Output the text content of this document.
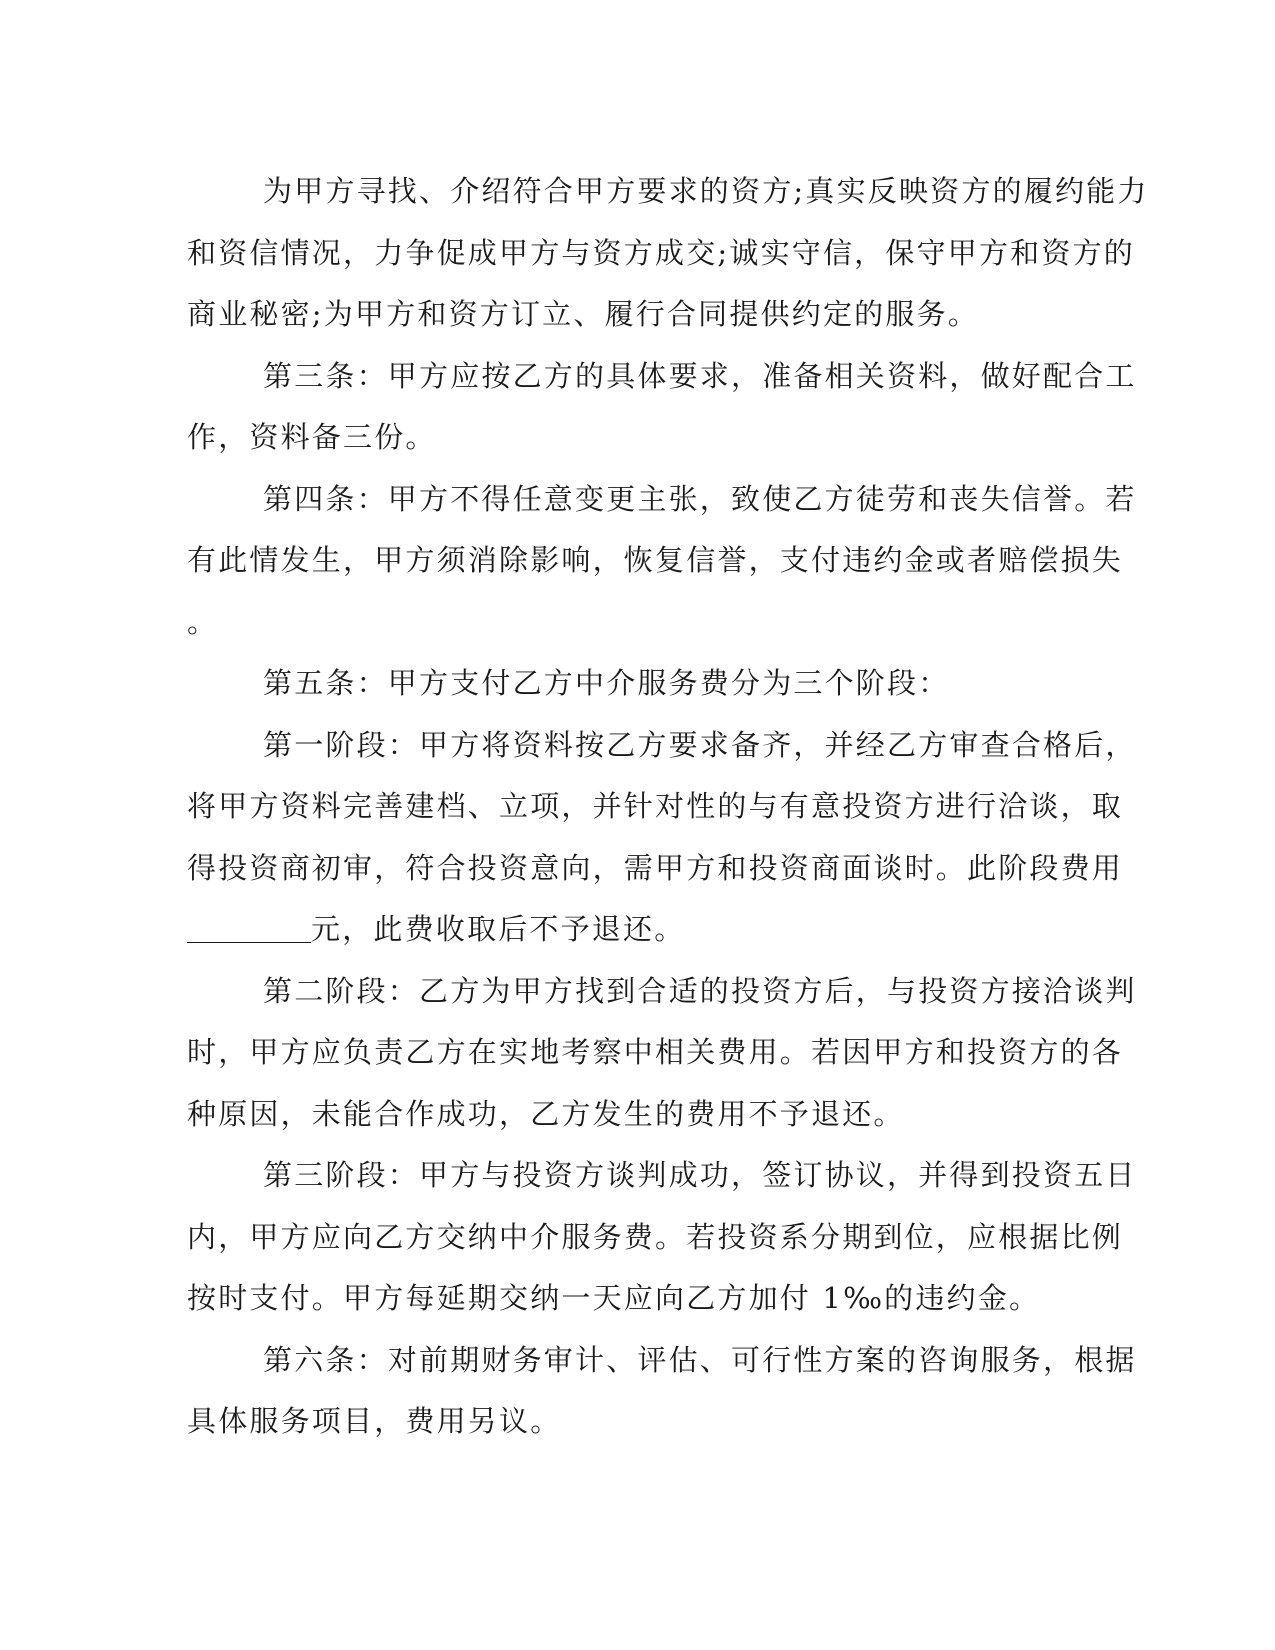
为甲方寻找、介绍符合甲方要求的资方;真实反映资方的履约能力
和资信情况，力争促成甲方与资方成交;诚实守信，保守甲方和资方的
商业秘密;为甲方和资方订立、履行合同提供约定的服务。
第三条：甲方应按乙方的具体要求，准备相关资料，做好配合工
作，资料备三份。
第四条：甲方不得任意变更主张，致使乙方徒劳和丧失信誉。若
有此情发生，甲方须消除影响，恢复信誉，支付违约金或者赔偿损失
。
第五条：甲方支付乙方中介服务费分为三个阶段：
第一阶段：甲方将资料按乙方要求备齐，并经乙方审查合格后，
将甲方资料完善建档、立项，并针对性的与有意投资方进行洽谈，取
得投资商初审，符合投资意向，需甲方和投资商面谈时。此阶段费用
元，此费收取后不予退还。
第二阶段：乙方为甲方找到合适的投资方后，与投资方接洽谈判
时，甲方应负责乙方在实地考察中相关费用。若因甲方和投资方的各
种原因，未能合作成功，乙方发生的费用不予退还。
第三阶段：甲方与投资方谈判成功，签订协议，并得到投资五日
内，甲方应向乙方交纳中介服务费。若投资系分期到位，应根据比例
按时支付。甲方每延期交纳一天应向乙方加付 1‰的违约金。
第六条：对前期财务审计、评估、可行性方案的咨询服务，根据
具体服务项目，费用另议。
